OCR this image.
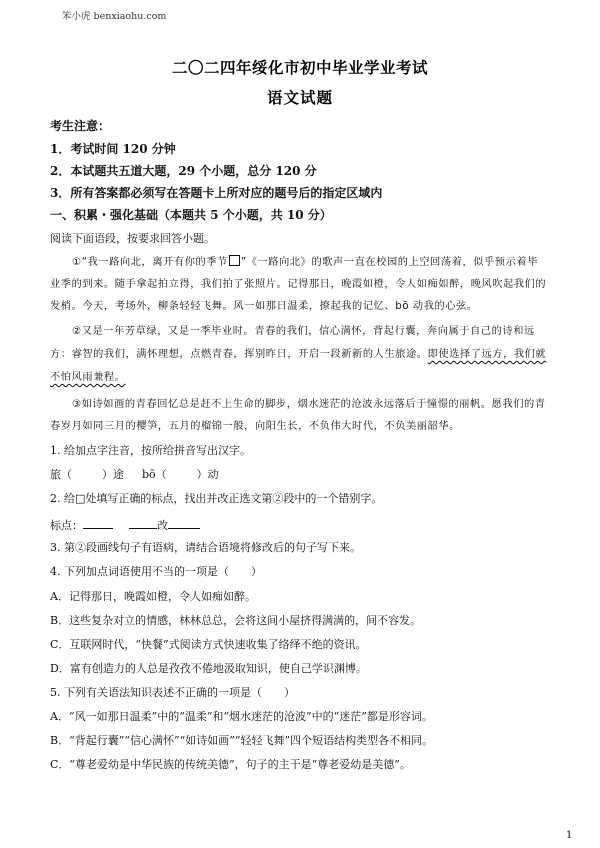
笨小虎 benxiaohu.com
二〇二四年绥化市初中毕业学业考试
语文试题
考生注意：
1．考试时间 120 分钟
2．本试题共五道大题，29 个小题，总分 120 分
3．所有答案都必须写在答题卡上所对应的题号后的指定区域内
一、积累・强化基础（本题共 5 个小题，共 10 分）
阅读下面语段，按要求回答小题。
①“我一路向北，离开有你的季节 ”《一路向北》的歌声一直在校园的上空回荡着，似乎预示着毕
业季的到来。随手拿起拍立得，我们拍了张照片。记得那日，晚霞如橙，令人如痴如醉，晚风吹起我们的
发梢。今天，考场外，柳条轻轻飞舞。风一如那日温柔，撩起我的记忆、bō 动我的心弦。
②又是一年芳草绿，又是一季毕业时。青春的我们，信心满怀，背起行囊，奔向属于自己的诗和远
方：睿智的我们，满怀理想，点燃青春，挥别昨日，开启一段新新的人生旅途。即使选择了远方，我们就
不怕风雨兼程。
③如诗如画的青春回忆总是赶不上生命的脚步，烟水迷茫的沧波永远落后于憧憬的丽帆。愿我们的青
春岁月如同三月的樱笋，五月的榴锦一般，向阳生长，不负伟大时代，不负美丽韶华。
1. 给加点字注音，按所给拼音写出汉字。
旅（	）途 bō（	）动
2. 给□处填写正确的标点，找出并改正选文第②段中的一个错别字。
标点：	改
3. 第②段画线句子有语病，请结合语境将修改后的句子写下来。
4. 下列加点词语使用不当的一项是（　　）
A．记得那日，晚霞如橙，令人如痴如醉。
B．这些复杂对立的情感，林林总总，会将这间小屋挤得满满的，间不容发。
C．互联网时代，“快餐”式阅读方式快速收集了络绎不绝的资讯。
D．富有创造力的人总是孜孜不倦地汲取知识，使自己学识渊博。
5. 下列有关语法知识表述不正确的一项是（　　）
A．“风一如那日温柔”中的“温柔”和“烟水迷茫的沧波”中的“迷茫”都是形容词。
B．“背起行囊”“信心满怀”“如诗如画”“轻轻飞舞”四个短语结构类型各不相同。
C．“尊老爱幼是中华民族的传统美德”，句子的主干是“尊老爱幼是美德”。
1
